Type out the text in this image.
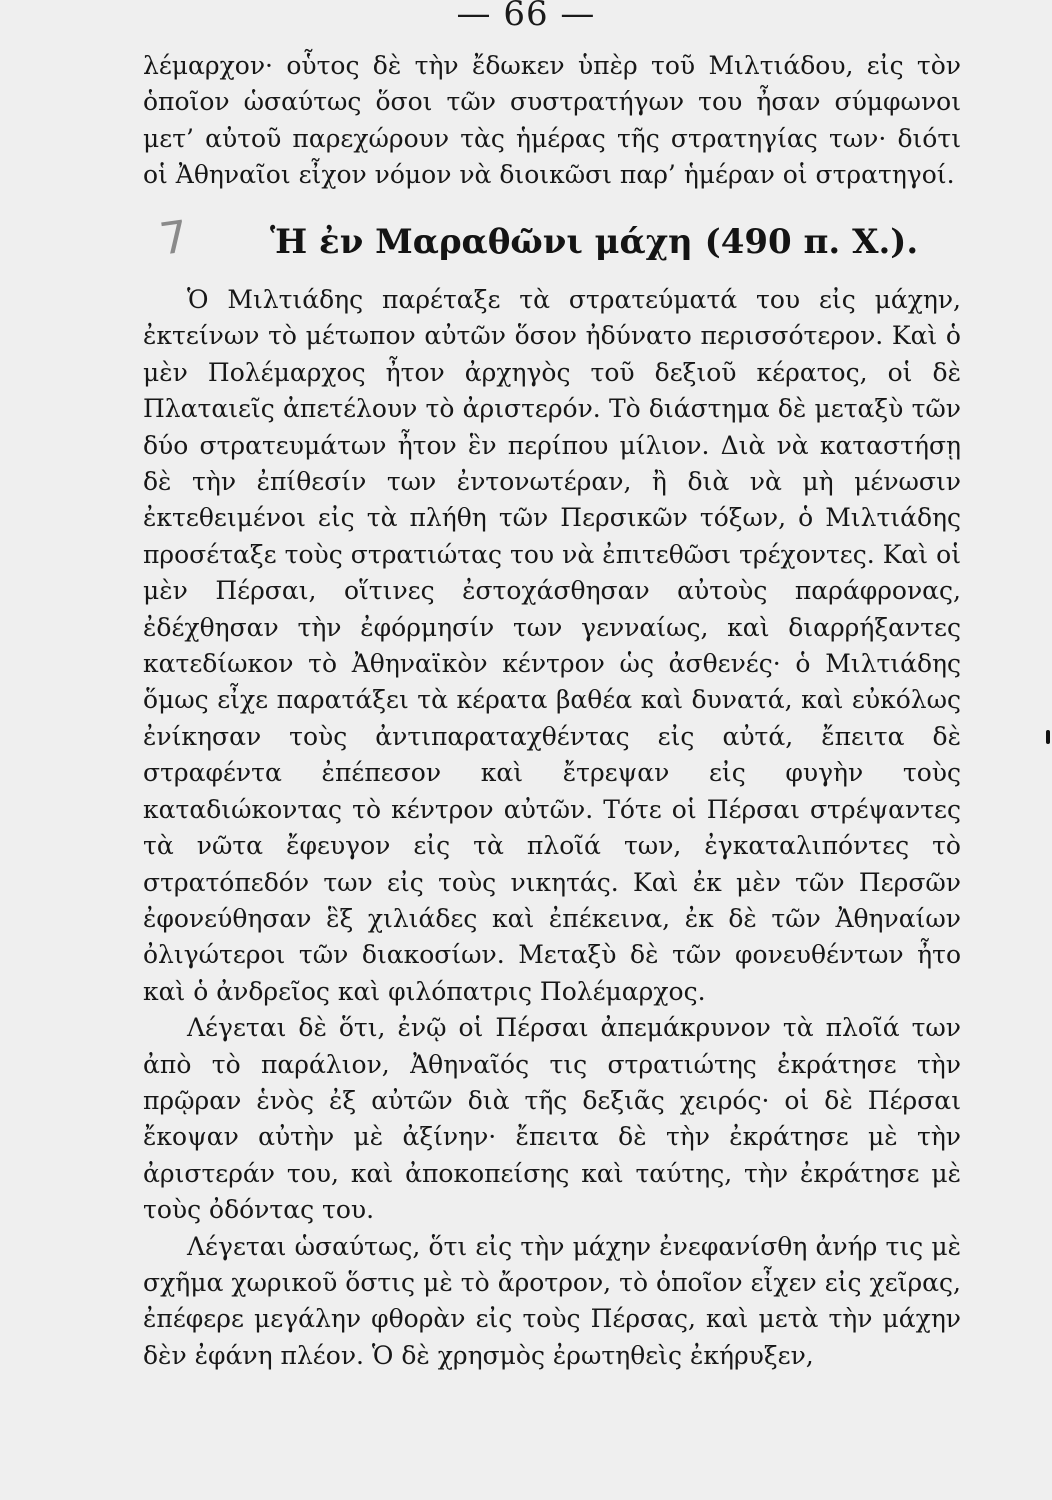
— 66 —

λέμαρχον· οὗτος δὲ τὴν ἔδωκεν ὑπὲρ τοῦ Μιλτιάδου, εἰς τὸν ὁποῖον ὡσαύτως ὅσοι τῶν συστρατήγων του ἦσαν σύμφωνοι μετ’ αὐτοῦ παρεχώρουν τὰς ἡμέρας τῆς στρατηγίας των· διότι οἱ Ἀθηναῖοι εἶχον νόμον νὰ διοικῶσι παρ’ ἡμέραν οἱ στρατηγοί.

7 Ἡ ἐν Μαραθῶνι μάχη (490 π. Χ.).

Ὁ Μιλτιάδης παρέταξε τὰ στρατεύματά του εἰς μάχην, ἐκτείνων τὸ μέτωπον αὐτῶν ὅσον ἠδύνατο περισσότερον. Καὶ ὁ μὲν Πολέμαρχος ἦτον ἀρχηγὸς τοῦ δεξιοῦ κέρατος, οἱ δὲ Πλαταιεῖς ἀπετέλουν τὸ ἀριστερόν. Τὸ διάστημα δὲ μεταξὺ τῶν δύο στρατευμάτων ἦτον ἓν περίπου μίλιον. Διὰ νὰ καταστήσῃ δὲ τὴν ἐπίθεσίν των ἐντονωτέραν, ἢ διὰ νὰ μὴ μένωσιν ἐκτεθειμένοι εἰς τὰ πλήθη τῶν Περσικῶν τόξων, ὁ Μιλτιάδης προσέταξε τοὺς στρατιώτας του νὰ ἐπιτεθῶσι τρέχοντες. Καὶ οἱ μὲν Πέρσαι, οἵτινες ἐστοχάσθησαν αὐτοὺς παράφρονας, ἐδέχθησαν τὴν ἐφόρμησίν των γενναίως, καὶ διαρρήξαντες κατεδίωκον τὸ Ἀθηναϊκὸν κέντρον ὡς ἀσθενές· ὁ Μιλτιάδης ὅμως εἶχε παρατάξει τὰ κέρατα βαθέα καὶ δυνατά, καὶ εὐκόλως ἐνίκησαν τοὺς ἀντιπαραταχθέντας εἰς αὐτά, ἔπειτα δὲ στραφέντα ἐπέπεσον καὶ ἔτρεψαν εἰς φυγὴν τοὺς καταδιώκοντας τὸ κέντρον αὐτῶν. Τότε οἱ Πέρσαι στρέψαντες τὰ νῶτα ἔφευγον εἰς τὰ πλοῖά των, ἐγκαταλιπόντες τὸ στρατόπεδόν των εἰς τοὺς νικητάς. Καὶ ἐκ μὲν τῶν Περσῶν ἐφονεύθησαν ἓξ χιλιάδες καὶ ἐπέκεινα, ἐκ δὲ τῶν Ἀθηναίων ὀλιγώτεροι τῶν διακοσίων. Μεταξὺ δὲ τῶν φονευθέντων ἦτο καὶ ὁ ἀνδρεῖος καὶ φιλόπατρις Πολέμαρχος.

Λέγεται δὲ ὅτι, ἐνῷ οἱ Πέρσαι ἀπεμάκρυνον τὰ πλοῖά των ἀπὸ τὸ παράλιον, Ἀθηναῖός τις στρατιώτης ἐκράτησε τὴν πρῷραν ἑνὸς ἐξ αὐτῶν διὰ τῆς δεξιᾶς χειρός· οἱ δὲ Πέρσαι ἔκοψαν αὐτὴν μὲ ἀξίνην· ἔπειτα δὲ τὴν ἐκράτησε μὲ τὴν ἀριστεράν του, καὶ ἀποκοπείσης καὶ ταύτης, τὴν ἐκράτησε μὲ τοὺς ὀδόντας του.

Λέγεται ὡσαύτως, ὅτι εἰς τὴν μάχην ἐνεφανίσθη ἀνήρ τις μὲ σχῆμα χωρικοῦ ὅστις μὲ τὸ ἄροτρον, τὸ ὁποῖον εἶχεν εἰς χεῖρας, ἐπέφερε μεγάλην φθορὰν εἰς τοὺς Πέρσας, καὶ μετὰ τὴν μάχην δὲν ἐφάνη πλέον. Ὁ δὲ χρησμὸς ἐρωτηθεὶς ἐκήρυξεν,
